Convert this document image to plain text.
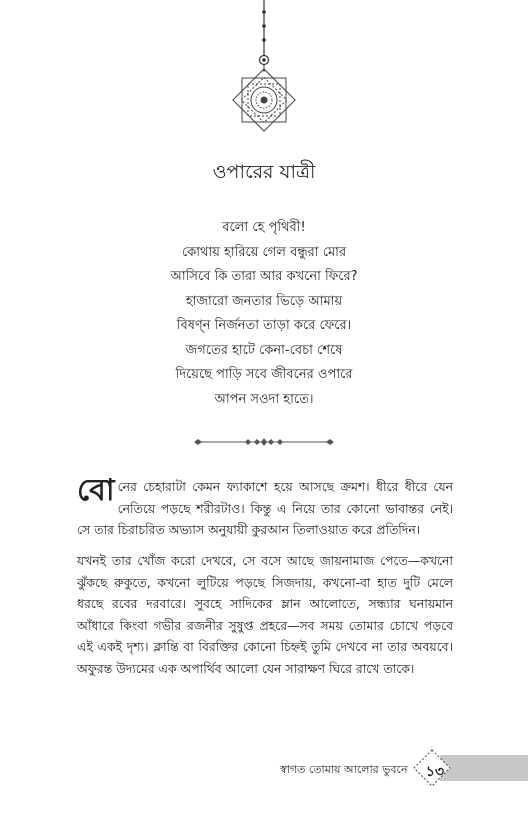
ওপারের যাত্রী
বলো হে পৃথিবী!
কোথায় হারিয়ে গেল বন্ধুরা মোর
আসিবে কি তারা আর কখনো ফিরে?
হাজারো জনতার ভিড়ে আমায়
বিষণ্ন নির্জনতা তাড়া করে ফেরে।
জগতের হাটে কেনা-বেচা শেষে
দিয়েছে পাড়ি সবে জীবনের ওপারে
আপন সওদা হাতে।

বো নের চেহারাটা কেমন ফ্যাকাশে হয়ে আসছে ক্রমশ। ধীরে ধীরে যেন নেতিয়ে পড়ছে শরীরটাও। কিন্তু এ নিয়ে তার কোনো ভাবান্তর নেই। সে তার চিরাচরিত অভ্যাস অনুযায়ী কুরআন তিলাওয়াত করে প্রতিদিন।

যখনই তার খোঁজ করো দেখবে, সে বসে আছে জায়নামাজ পেতে—কখনো ঝুঁকছে রুকুতে, কখনো লুটিয়ে পড়ছে সিজদায়, কখনো-বা হাত দুটি মেলে ধরছে রবের দরবারে। সুবহে সাদিকের ম্লান আলোতে, সন্ধ্যার ঘনায়মান আঁধারে কিংবা গভীর রজনীর সুষুপ্ত প্রহরে—সব সময় তোমার চোখে পড়বে এই একই দৃশ্য। ক্লান্তি বা বিরক্তির কোনো চিহ্নই তুমি দেখবে না তার অবয়বে। অফুরন্ত উদ্যমের এক অপার্থিব আলো যেন সারাক্ষণ ঘিরে রাখে তাকে।

স্বাগত তোমায় আলোর ভুবনে	১৩
